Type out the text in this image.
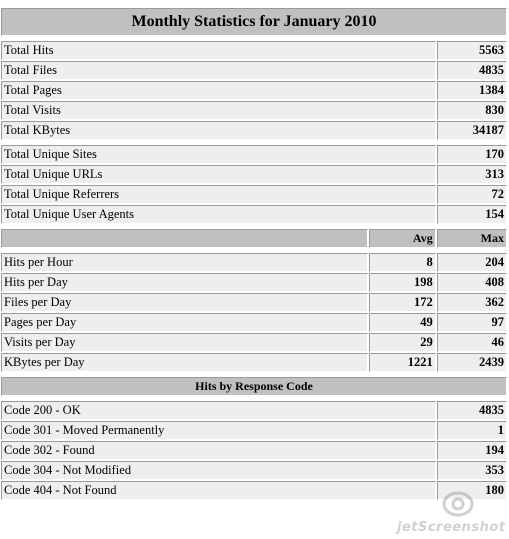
Monthly Statistics for January 2010		

Total Hits		5563
Total Files		4835
Total Pages		1384
Total Visits		830
Total KBytes		34187

Total Unique Sites		170
Total Unique URLs		313
Total Unique Referrers		72
Total Unique User Agents		154

	Avg	Max

Hits per Hour	8	204
Hits per Day	198	408
Files per Day	172	362
Pages per Day	49	97
Visits per Day	29	46
KBytes per Day	1221	2439

Hits by Response Code		

Code 200 - OK		4835
Code 301 - Moved Permanently		1
Code 302 - Found		194
Code 304 - Not Modified		353
Code 404 - Not Found		180
jetScreenshot
